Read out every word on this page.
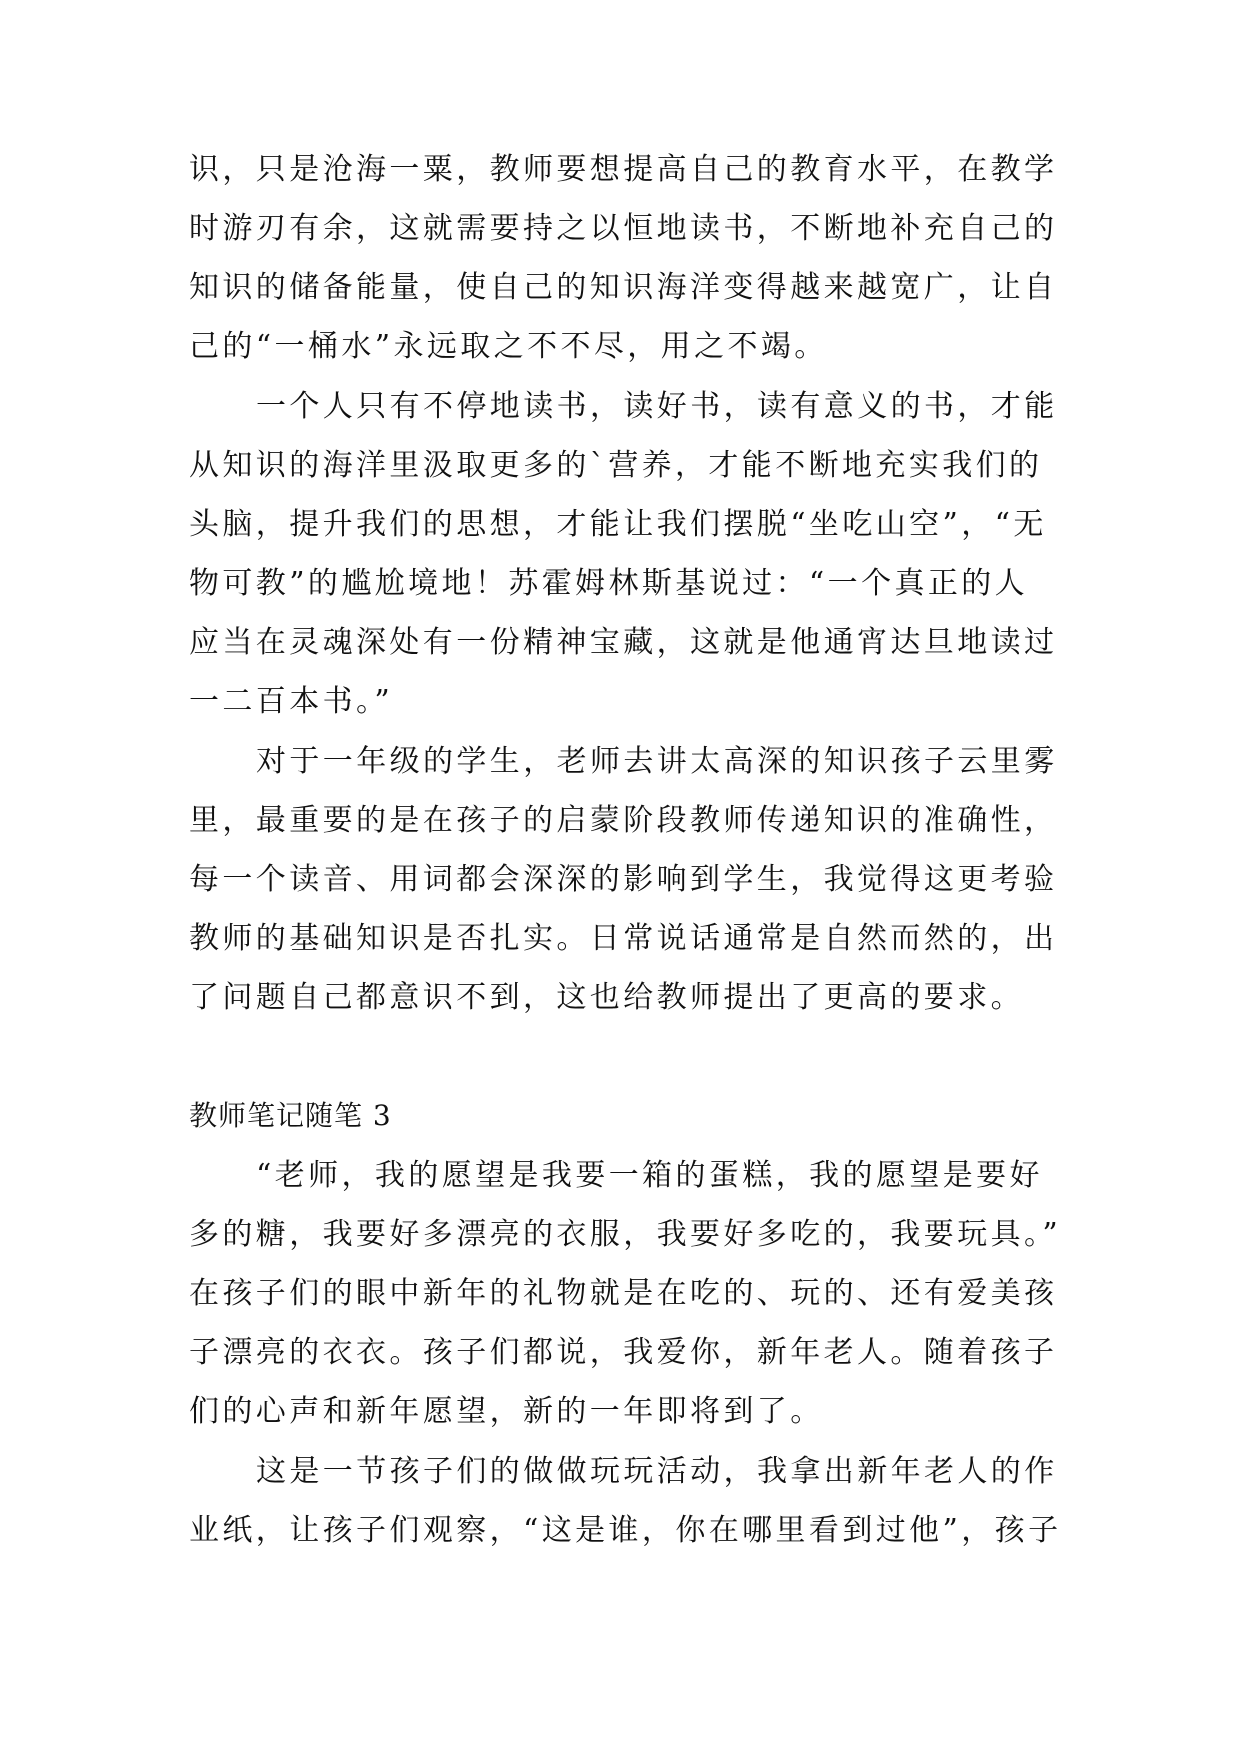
识，只是沧海一粟，教师要想提高自己的教育水平，在教学
时游刃有余，这就需要持之以恒地读书，不断地补充自己的
知识的储备能量，使自己的知识海洋变得越来越宽广，让自
己的“一桶水”永远取之不不尽，用之不竭。
一个人只有不停地读书，读好书，读有意义的书，才能
从知识的海洋里汲取更多的`营养，才能不断地充实我们的
头脑，提升我们的思想，才能让我们摆脱“坐吃山空”，“无
物可教”的尴尬境地！苏霍姆林斯基说过：“一个真正的人
应当在灵魂深处有一份精神宝藏，这就是他通宵达旦地读过
一二百本书。”
对于一年级的学生，老师去讲太高深的知识孩子云里雾
里，最重要的是在孩子的启蒙阶段教师传递知识的准确性，
每一个读音、用词都会深深的影响到学生，我觉得这更考验
教师的基础知识是否扎实。日常说话通常是自然而然的，出
了问题自己都意识不到，这也给教师提出了更高的要求。
教师笔记随笔 3
“老师，我的愿望是我要一箱的蛋糕，我的愿望是要好
多的糖，我要好多漂亮的衣服，我要好多吃的，我要玩具。”
在孩子们的眼中新年的礼物就是在吃的、玩的、还有爱美孩
子漂亮的衣衣。孩子们都说，我爱你，新年老人。随着孩子
们的心声和新年愿望，新的一年即将到了。
这是一节孩子们的做做玩玩活动，我拿出新年老人的作
业纸，让孩子们观察，“这是谁，你在哪里看到过他”，孩子
